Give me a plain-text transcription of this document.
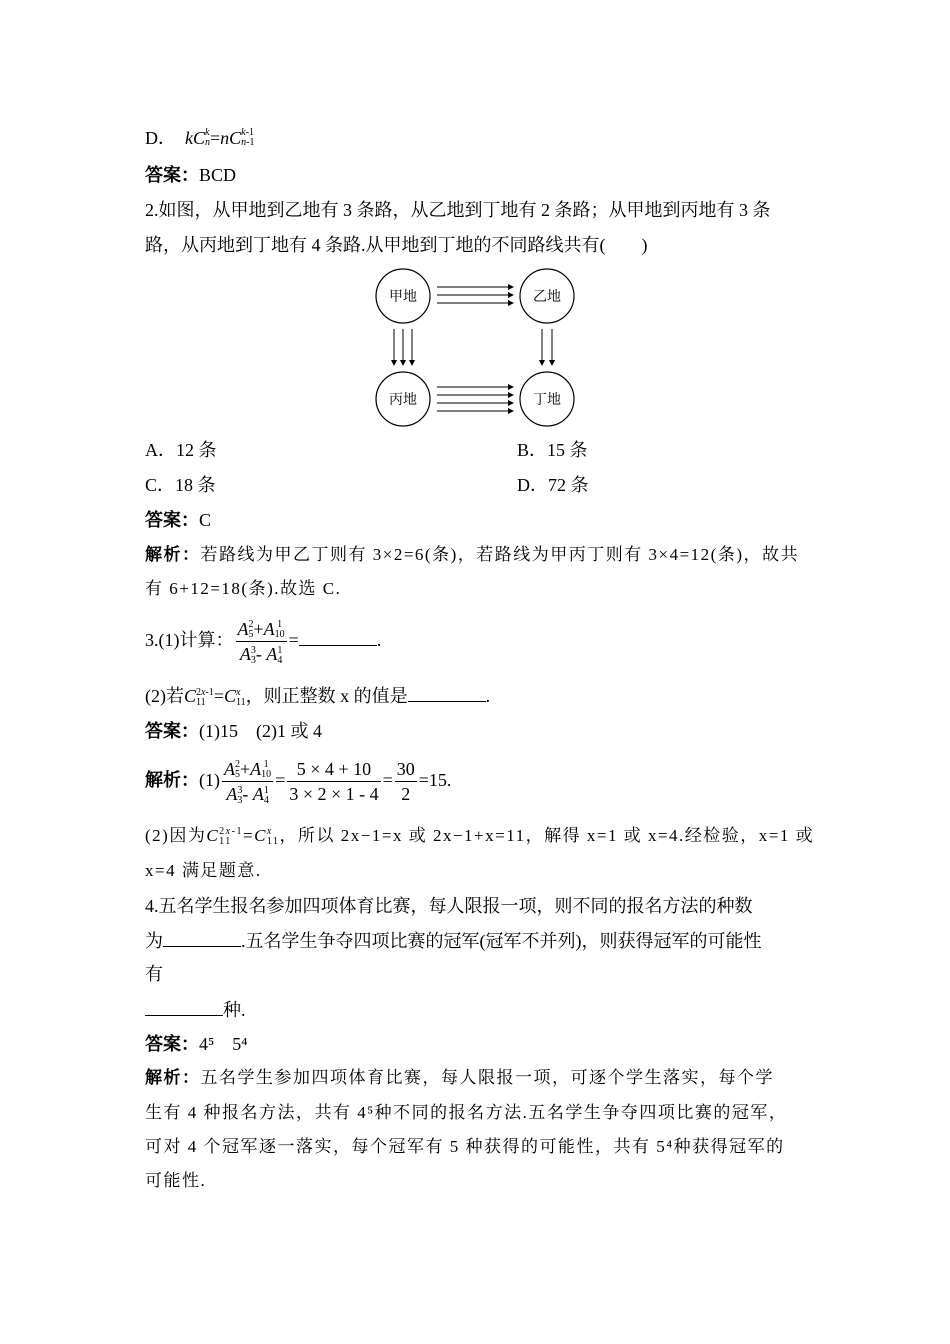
D． kC k
n =nC k-1
n-1
答案：BCD
2.如图，从甲地到乙地有 3 条路，从乙地到丁地有 2 条路；从甲地到丙地有 3 条
路，从丙地到丁地有 4 条路.从甲地到丁地的不同路线共有(　　)
甲地	乙地
丙地	丁地
A．12 条	B．15 条
C．18 条	D．72 条
答案：C
解析：若路线为甲乙丁则有 3×2=6(条)，若路线为甲丙丁则有 3×4=12(条)，故共
有 6+12=18(条).故选 C.
3.(1)计算： A 2
5 +A 1
10
A 3
3 - A 1
4 =	.
(2)若C 2x-1
11 =C x
11 ，则正整数 x 的值是	.
答案：(1)15　(2)1 或 4
解析：(1) A 2
5 +A 1
10
A 3
3 - A 1
$4 = \frac{5 \times 4 + 10}{3 \times 2 \times 1 - 4} = \frac{30}{2} =15$.
(2)因为C 2x-1
11 =C x
11 ，所以 2x−1=x 或 2x−1+x=11，解得 x=1 或 x=4.经检验，x=1 或
x=4 满足题意.
4.五名学生报名参加四项体育比赛，每人限报一项，则不同的报名方法的种数
为	.五名学生争夺四项比赛的冠军(冠军不并列)，则获得冠军的可能性
有
种.
答案：4⁵　5⁴
解析：五名学生参加四项体育比赛，每人限报一项，可逐个学生落实，每个学
生有 4 种报名方法，共有 4⁵种不同的报名方法.五名学生争夺四项比赛的冠军，
可对 4 个冠军逐一落实，每个冠军有 5 种获得的可能性，共有 5⁴种获得冠军的
可能性.
